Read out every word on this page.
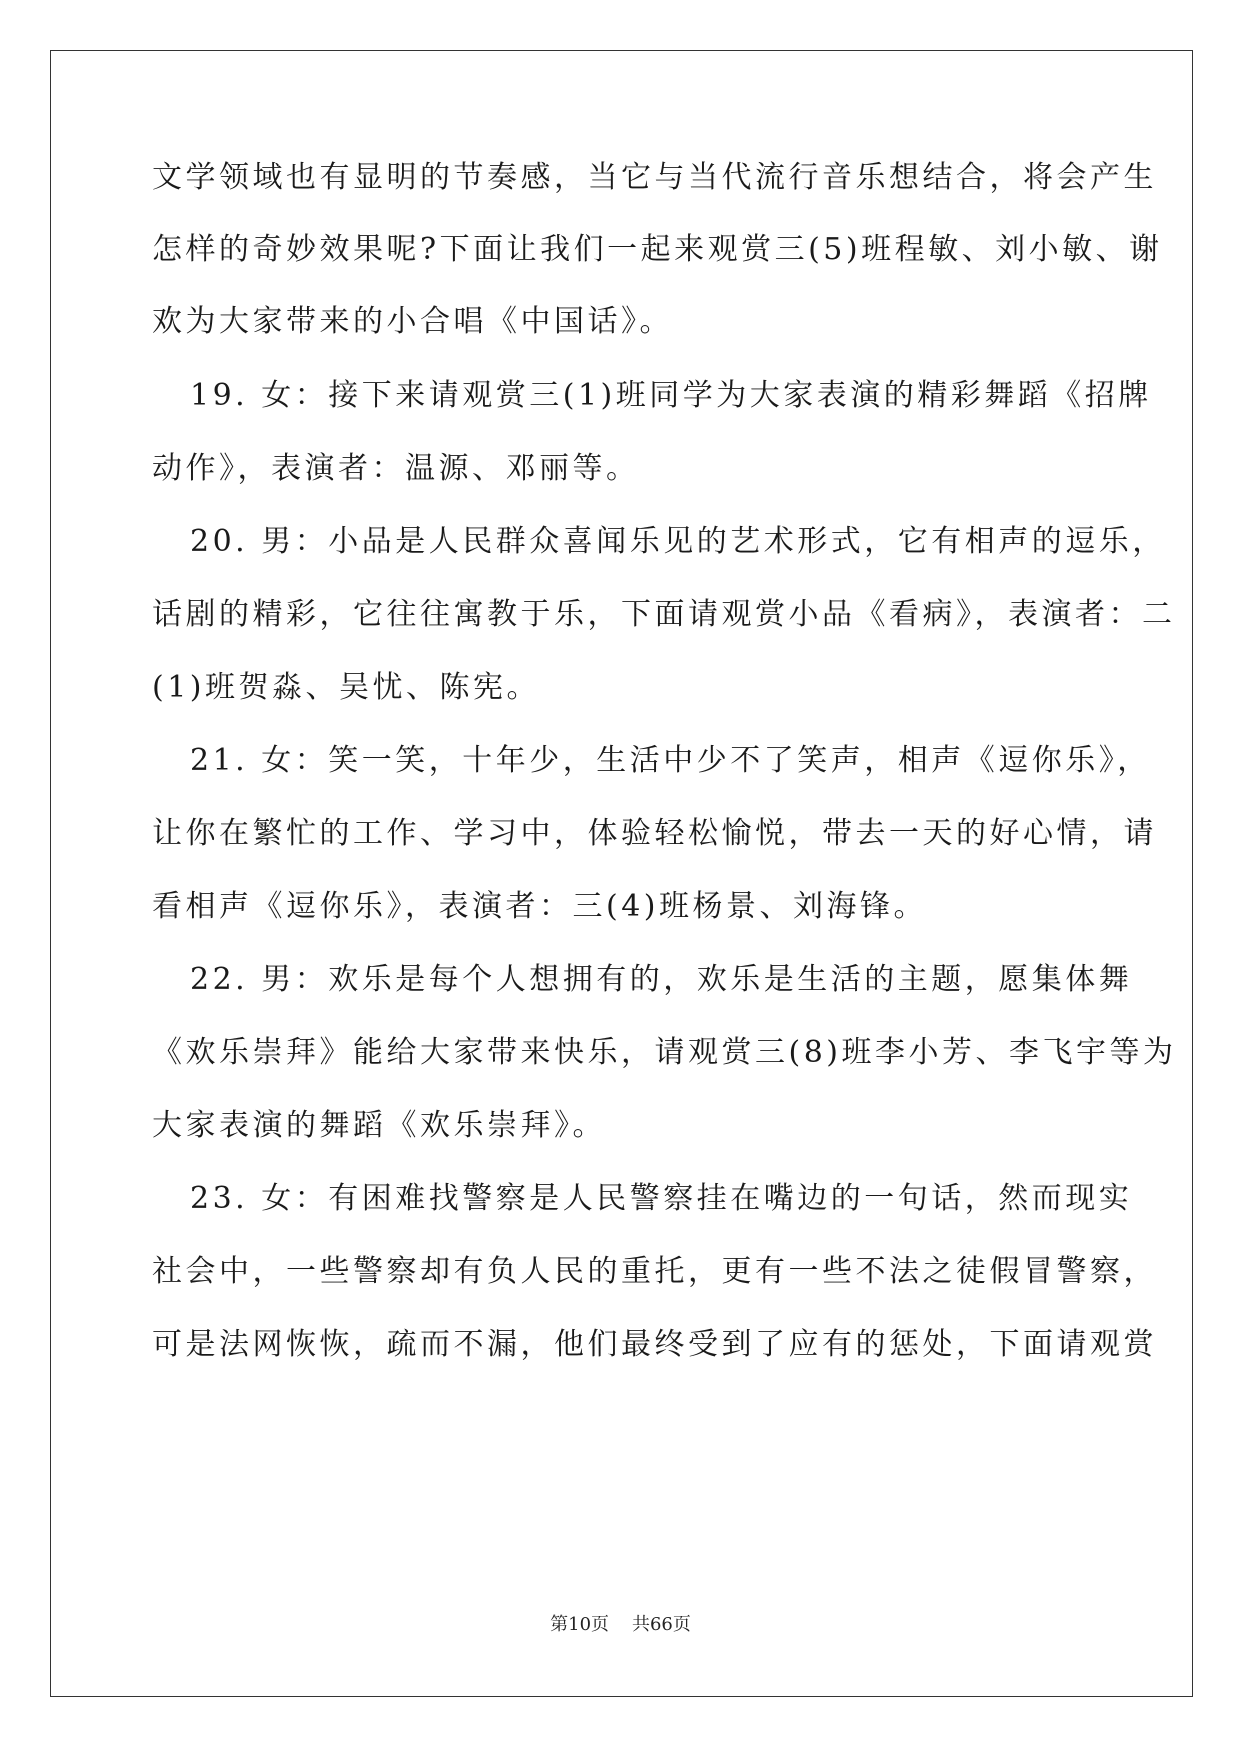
文学领域也有显明的节奏感，当它与当代流行音乐想结合，将会产生
怎样的奇妙效果呢?下面让我们一起来观赏三(5)班程敏、刘小敏、谢
欢为大家带来的小合唱《中国话》。
19. 女：接下来请观赏三(1)班同学为大家表演的精彩舞蹈《招牌
动作》，表演者：温源、邓丽等。
20. 男：小品是人民群众喜闻乐见的艺术形式，它有相声的逗乐，
话剧的精彩，它往往寓教于乐，下面请观赏小品《看病》，表演者：二
(1)班贺淼、吴忧、陈宪。
21. 女：笑一笑，十年少，生活中少不了笑声，相声《逗你乐》，
让你在繁忙的工作、学习中，体验轻松愉悦，带去一天的好心情，请
看相声《逗你乐》，表演者：三(4)班杨景、刘海锋。
22. 男：欢乐是每个人想拥有的，欢乐是生活的主题，愿集体舞
《欢乐崇拜》能给大家带来快乐，请观赏三(8)班李小芳、李飞宇等为
大家表演的舞蹈《欢乐崇拜》。
23. 女：有困难找警察是人民警察挂在嘴边的一句话，然而现实
社会中，一些警察却有负人民的重托，更有一些不法之徒假冒警察，
可是法网恢恢，疏而不漏，他们最终受到了应有的惩处，下面请观赏
第10页 共66页
